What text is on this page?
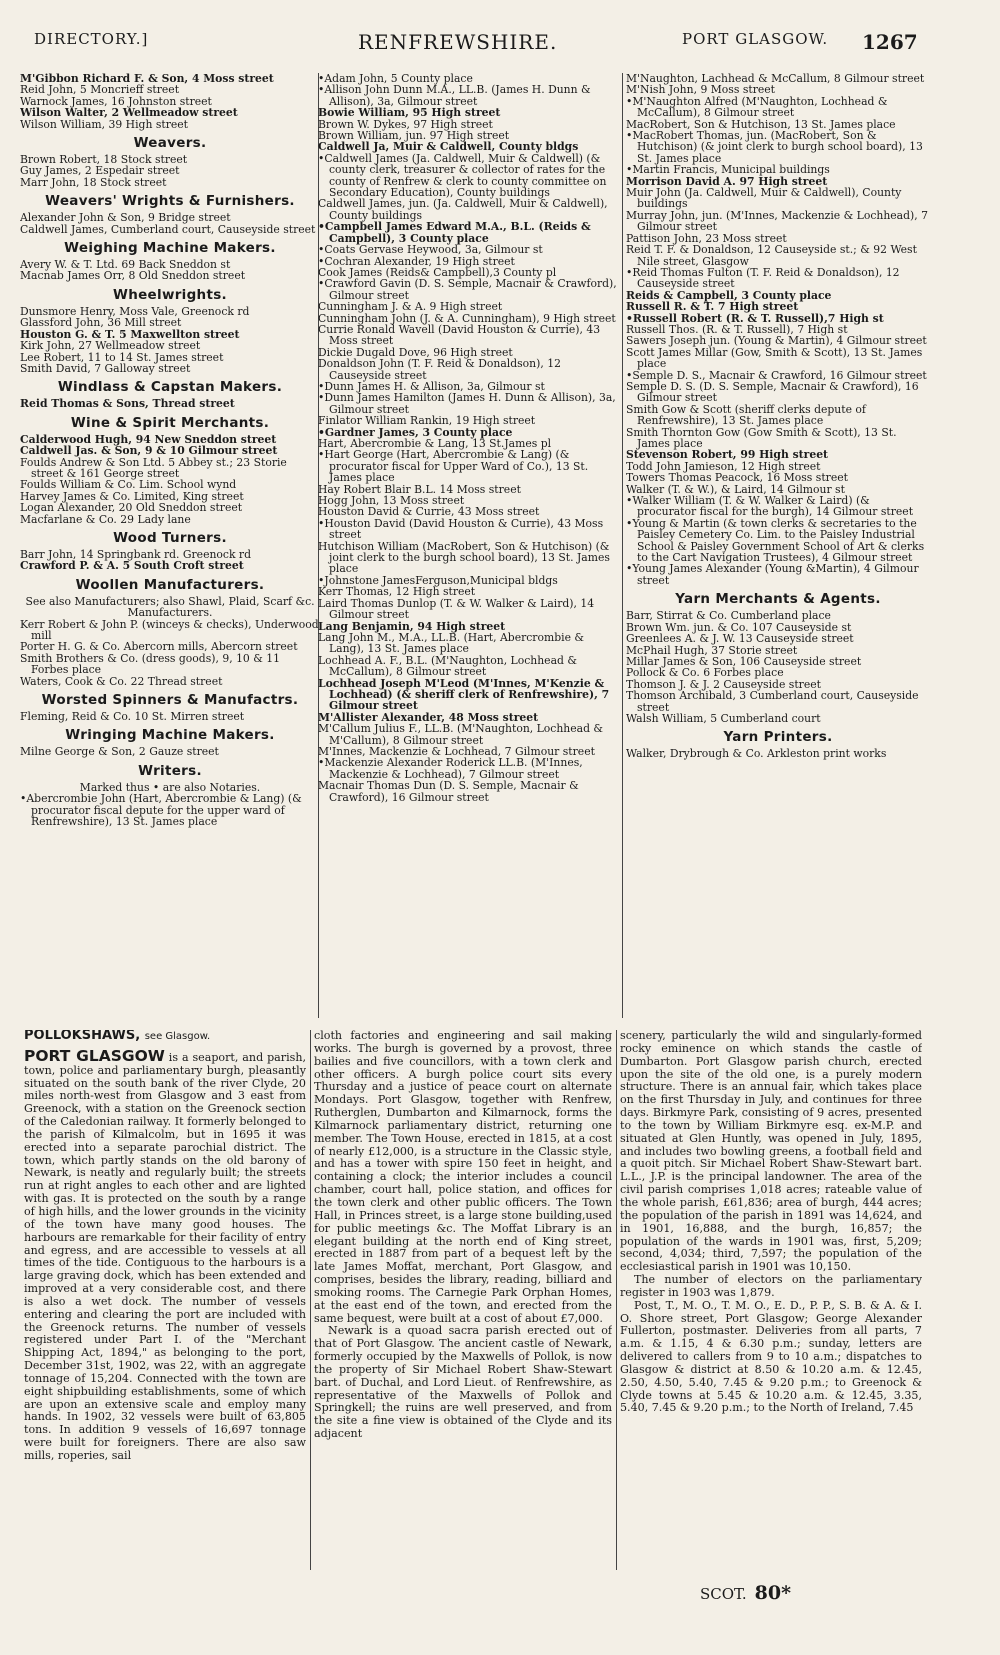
DIRECTORY.]	RENFREWSHIRE.	PORT GLASGOW. 1267
M'Gibbon Richard F. & Son, 4 Moss street
Reid John, 5 Moncrieff street
Warnock James, 16 Johnston street
Wilson Walter, 2 Wellmeadow street
Wilson William, 39 High street
Weavers.
Brown Robert, 18 Stock street
Guy James, 2 Espedair street
Marr John, 18 Stock street
Weavers' Wrights & Furnishers.
Alexander John & Son, 9 Bridge street
Caldwell James, Cumberland court, Causeyside street
Weighing Machine Makers.
Avery W. & T. Ltd. 69 Back Sneddon st
Macnab James Orr, 8 Old Sneddon street
Wheelwrights.
Dunsmore Henry, Moss Vale, Greenock rd
Glassford John, 36 Mill street
Houston G. & T. 5 Maxwellton street
Kirk John, 27 Wellmeadow street
Lee Robert, 11 to 14 St. James street
Smith David, 7 Galloway street
Windlass & Capstan Makers.
Reid Thomas & Sons, Thread street
Wine & Spirit Merchants.
Calderwood Hugh, 94 New Sneddon street
Caldwell Jas. & Son, 9 & 10 Gilmour street
Foulds Andrew & Son Ltd. 5 Abbey st.; 23 Storie street & 161 George street
Foulds William & Co. Lim. School wynd
Harvey James & Co. Limited, King street
Logan Alexander, 20 Old Sneddon street
Macfarlane & Co. 29 Lady lane
Wood Turners.
Barr John, 14 Springbank rd. Greenock rd
Crawford P. & A. 5 South Croft street
Woollen Manufacturers.
See also Manufacturers; also Shawl, Plaid, Scarf &c. Manufacturers.
Kerr Robert & John P. (winceys & checks), Underwood mill
Porter H. G. & Co. Abercorn mills, Abercorn street
Smith Brothers & Co. (dress goods), 9, 10 & 11 Forbes place
Waters, Cook & Co. 22 Thread street
Worsted Spinners & Manufactrs.
Fleming, Reid & Co. 10 St. Mirren street
Wringing Machine Makers.
Milne George & Son, 2 Gauze street
Writers.
Marked thus • are also Notaries.
•Abercrombie John (Hart, Abercrombie & Lang) (& procurator fiscal depute for the upper ward of Renfrewshire), 13 St. James place
•Adam John, 5 County place
•Allison John Dunn M.A., LL.B. (James H. Dunn & Allison), 3a, Gilmour street
Bowie William, 95 High street
Brown W. Dykes, 97 High street
Brown William, jun. 97 High street
Caldwell Ja, Muir & Caldwell, County bldgs
•Caldwell James (Ja. Caldwell, Muir & Caldwell) (& county clerk, treasurer & collector of rates for the county of Renfrew & clerk to county committee on Secondary Education), County buildings
Caldwell James, jun. (Ja. Caldwell, Muir & Caldwell), County buildings
•Campbell James Edward M.A., B.L. (Reids & Campbell), 3 County place
•Coats Gervase Heywood, 3a, Gilmour st
•Cochran Alexander, 19 High street
Cook James (Reids& Campbell),3 County pl
•Crawford Gavin (D. S. Semple, Macnair & Crawford), Gilmour street
Cunningham J. & A. 9 High street
Cunningham John (J. & A. Cunningham), 9 High street
Currie Ronald Wavell (David Houston & Currie), 43 Moss street
Dickie Dugald Dove, 96 High street
Donaldson John (T. F. Reid & Donaldson), 12 Causeyside street
•Dunn James H. & Allison, 3a, Gilmour st
•Dunn James Hamilton (James H. Dunn & Allison), 3a, Gilmour street
Finlator William Rankin, 19 High street
•Gardner James, 3 County place
Hart, Abercrombie & Lang, 13 St.James pl
•Hart George (Hart, Abercrombie & Lang) (& procurator fiscal for Upper Ward of Co.), 13 St. James place
Hay Robert Blair B.L. 14 Moss street
Hogg John, 13 Moss street
Houston David & Currie, 43 Moss street
•Houston David (David Houston & Currie), 43 Moss street
Hutchison William (MacRobert, Son & Hutchison) (& joint clerk to the burgh school board), 13 St. James place
•Johnstone JamesFerguson,Municipal bldgs
Kerr Thomas, 12 High street
Laird Thomas Dunlop (T. & W. Walker & Laird), 14 Gilmour street
Lang Benjamin, 94 High street
Lang John M., M.A., LL.B. (Hart, Abercrombie & Lang), 13 St. James place
Lochhead A. F., B.L. (M'Naughton, Lochhead & McCallum), 8 Gilmour street
Lochhead Joseph M'Leod (M'Innes, M'Kenzie & Lochhead) (& sheriff clerk of Renfrewshire), 7 Gilmour street
M'Allister Alexander, 48 Moss street
M'Callum Julius F., LL.B. (M'Naughton, Lochhead & M'Callum), 8 Gilmour street
M'Innes, Mackenzie & Lochhead, 7 Gilmour street
•Mackenzie Alexander Roderick LL.B. (M'Innes, Mackenzie & Lochhead), 7 Gilmour street
Macnair Thomas Dun (D. S. Semple, Macnair & Crawford), 16 Gilmour street
M'Naughton, Lachhead & McCallum, 8 Gilmour street
M'Nish John, 9 Moss street
•M'Naughton Alfred (M'Naughton, Lochhead & McCallum), 8 Gilmour street
MacRobert, Son & Hutchison, 13 St. James place
•MacRobert Thomas, jun. (MacRobert, Son & Hutchison) (& joint clerk to burgh school board), 13 St. James place
•Martin Francis, Municipal buildings
Morrison David A. 97 High street
Muir John (Ja. Caldwell, Muir & Caldwell), County buildings
Murray John, jun. (M'Innes, Mackenzie & Lochhead), 7 Gilmour street
Pattison John, 23 Moss street
Reid T. F. & Donaldson, 12 Causeyside st.; & 92 West Nile street, Glasgow
•Reid Thomas Fulton (T. F. Reid & Donaldson), 12 Causeyside street
Reids & Campbell, 3 County place
Russell R. & T. 7 High street
•Russell Robert (R. & T. Russell),7 High st
Russell Thos. (R. & T. Russell), 7 High st
Sawers Joseph jun. (Young & Martin), 4 Gilmour street
Scott James Millar (Gow, Smith & Scott), 13 St. James place
•Semple D. S., Macnair & Crawford, 16 Gilmour street
Semple D. S. (D. S. Semple, Macnair & Crawford), 16 Gilmour street
Smith Gow & Scott (sheriff clerks depute of Renfrewshire), 13 St. James place
Smith Thornton Gow (Gow Smith & Scott), 13 St. James place
Stevenson Robert, 99 High street
Todd John Jamieson, 12 High street
Towers Thomas Peacock, 16 Moss street
Walker (T. & W.), & Laird, 14 Gilmour st
•Walker William (T. & W. Walker & Laird) (& procurator fiscal for the burgh), 14 Gilmour street
•Young & Martin (& town clerks & secretaries to the Paisley Cemetery Co. Lim. to the Paisley Industrial School & Paisley Government School of Art & clerks to the Cart Navigation Trustees), 4 Gilmour street
•Young James Alexander (Young &Martin), 4 Gilmour street
Yarn Merchants & Agents.
Barr, Stirrat & Co. Cumberland place
Brown Wm. jun. & Co. 107 Causeyside st
Greenlees A. & J. W. 13 Causeyside street
McPhail Hugh, 37 Storie street
Millar James & Son, 106 Causeyside street
Pollock & Co. 6 Forbes place
Thomson J. & J. 2 Causeyside street
Thomson Archibald, 3 Cumberland court, Causeyside street
Walsh William, 5 Cumberland court
Yarn Printers.
Walker, Drybrough & Co. Arkleston print works
POLLOKSHAWS, see Glasgow.

PORT GLASGOW is a seaport, and parish, town, police and parliamentary burgh, pleasantly situated on the south bank of the river Clyde, 20 miles north-west from Glasgow and 3 east from Greenock, with a station on the Greenock section of the Caledonian railway. It formerly belonged to the parish of Kilmalcolm, but in 1695 it was erected into a separate parochial district. The town, which partly stands on the old barony of Newark, is neatly and regularly built; the streets run at right angles to each other and are lighted with gas. It is protected on the south by a range of high hills, and the lower grounds in the vicinity of the town have many good houses. The harbours are remarkable for their facility of entry and egress, and are accessible to vessels at all times of the tide. Contiguous to the harbours is a large graving dock, which has been extended and improved at a very considerable cost, and there is also a wet dock. The number of vessels entering and clearing the port are included with the Greenock returns. The number of vessels registered under Part I. of the "Merchant Shipping Act, 1894," as belonging to the port, December 31st, 1902, was 22, with an aggregate tonnage of 15,204. Connected with the town are eight shipbuilding establishments, some of which are upon an extensive scale and employ many hands. In 1902, 32 vessels were built of 63,805 tons. In addition 9 vessels of 16,697 tonnage were built for foreigners. There are also saw mills, roperies, sail

cloth factories and engineering and sail making works. The burgh is governed by a provost, three bailies and five councillors, with a town clerk and other officers. A burgh police court sits every Thursday and a justice of peace court on alternate Mondays. Port Glasgow, together with Renfrew, Rutherglen, Dumbarton and Kilmarnock, forms the Kilmarnock parliamentary district, returning one member. The Town House, erected in 1815, at a cost of nearly £12,000, is a structure in the Classic style, and has a tower with spire 150 feet in height, and containing a clock; the interior includes a council chamber, court hall, police station, and offices for the town clerk and other public officers. The Town Hall, in Princes street, is a large stone building,used for public meetings &c. The Moffat Library is an elegant building at the north end of King street, erected in 1887 from part of a bequest left by the late James Moffat, merchant, Port Glasgow, and comprises, besides the library, reading, billiard and smoking rooms. The Carnegie Park Orphan Homes, at the east end of the town, and erected from the same bequest, were built at a cost of about £7,000.

Newark is a quoad sacra parish erected out of that of Port Glasgow. The ancient castle of Newark, formerly occupied by the Maxwells of Pollok, is now the property of Sir Michael Robert Shaw-Stewart bart. of Duchal, and Lord Lieut. of Renfrewshire, as representative of the Maxwells of Pollok and Springkell; the ruins are well preserved, and from the site a fine view is obtained of the Clyde and its adjacent

scenery, particularly the wild and singularly-formed rocky eminence on which stands the castle of Dumbarton. Port Glasgow parish church, erected upon the site of the old one, is a purely modern structure. There is an annual fair, which takes place on the first Thursday in July, and continues for three days. Birkmyre Park, consisting of 9 acres, presented to the town by William Birkmyre esq. ex-M.P. and situated at Glen Huntly, was opened in July, 1895, and includes two bowling greens, a football field and a quoit pitch. Sir Michael Robert Shaw-Stewart bart. L.L., J.P. is the principal landowner. The area of the civil parish comprises 1,018 acres; rateable value of the whole parish, £61,836; area of burgh, 444 acres; the population of the parish in 1891 was 14,624, and in 1901, 16,888, and the burgh, 16,857; the population of the wards in 1901 was, first, 5,209; second, 4,034; third, 7,597; the population of the ecclesiastical parish in 1901 was 10,150.

The number of electors on the parliamentary register in 1903 was 1,879.

Post, T., M. O., T. M. O., E. D., P. P., S. B. & A. & I. O. Shore street, Port Glasgow; George Alexander Fullerton, postmaster. Deliveries from all parts, 7 a.m. & 1.15, 4 & 6.30 p.m.; sunday, letters are delivered to callers from 9 to 10 a.m.; dispatches to Glasgow & district at 8.50 & 10.20 a.m. & 12.45, 2.50, 4.50, 5.40, 7.45 & 9.20 p.m.; to Greenock & Clyde towns at 5.45 & 10.20 a.m. & 12.45, 3.35, 5.40, 7.45 & 9.20 p.m.; to the North of Ireland, 7.45

SCOT. 80*
